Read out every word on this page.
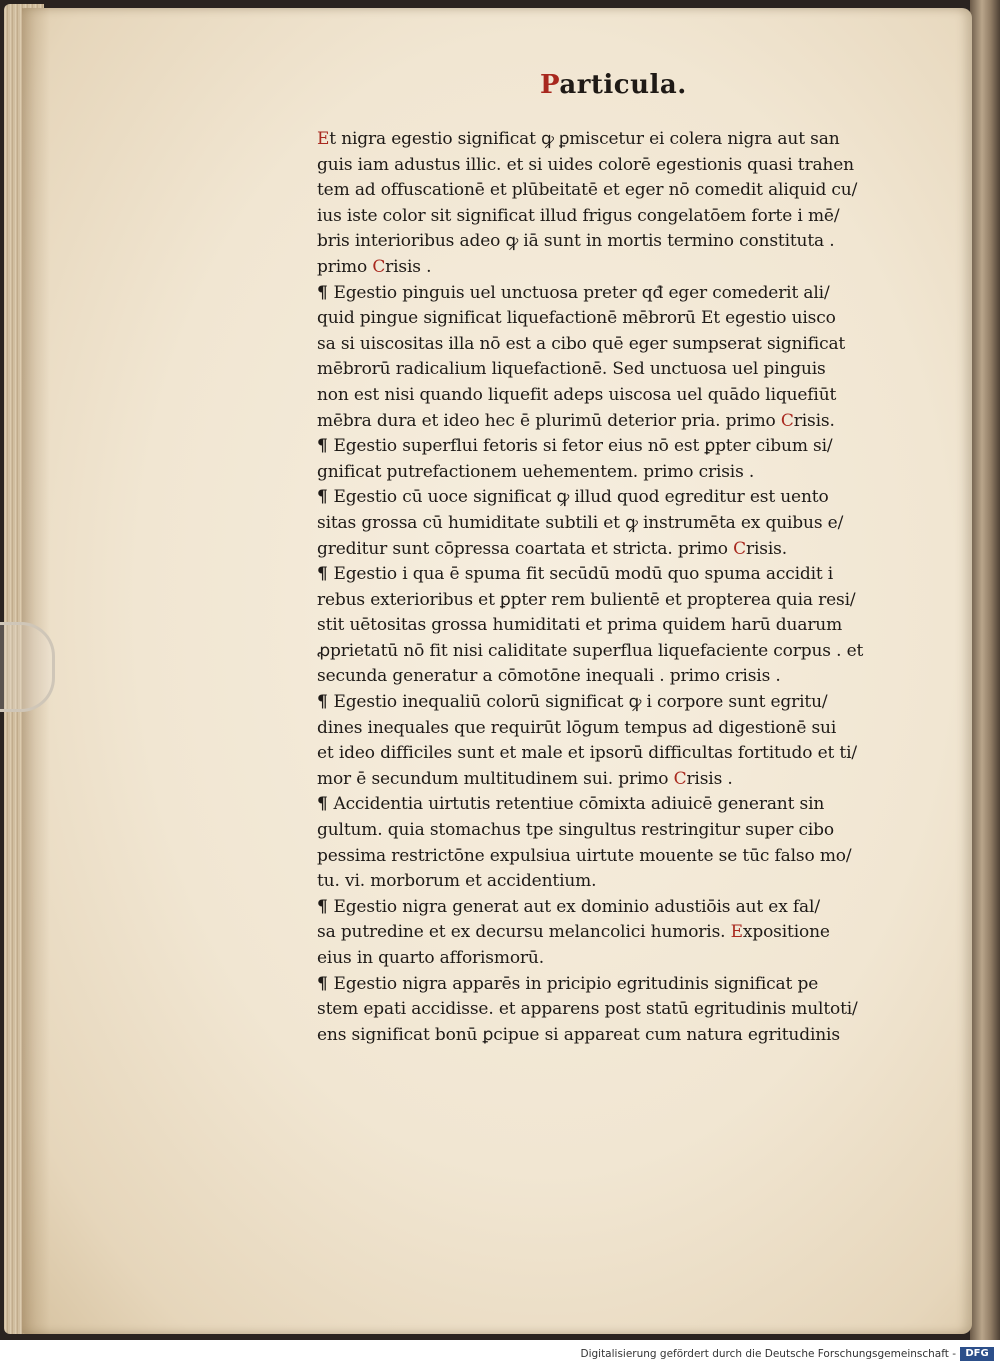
Particula.
Et nigra egestio significat ꝙ ꝑmiscetur ei colera nigra aut san
guis iam adustus illic. et si uides colorē egestionis quasi trahen
tem ad offuscationē et plūbeitatē et eger nō comedit aliquid cu/
ius iste color sit significat illud frigus congelatōem forte i mē/
bris interioribus adeo ꝙ iā sunt in mortis termino constituta .
primo Crisis .
¶ Egestio pinguis uel unctuosa preter qđ eger comederit ali/
quid pingue significat liquefactionē mēbrorū Et egestio uisco
sa si uiscositas illa nō est a cibo quē eger sumpserat significat
mēbrorū radicalium liquefactionē. Sed unctuosa uel pinguis
non est nisi quando liquefit adeps uiscosa uel quādo liquefiūt
mēbra dura et ideo hec ē plurimū deterior pria. primo Crisis.
¶ Egestio superflui fetoris si fetor eius nō est ꝑpter cibum si/
gnificat putrefactionem uehementem. primo crisis .
¶ Egestio cū uoce significat ꝙ illud quod egreditur est uento
sitas grossa cū humiditate subtili et ꝙ instrumēta ex quibus e/
greditur sunt cōpressa coartata et stricta. primo Crisis.
¶ Egestio i qua ē spuma fit secūdū modū quo spuma accidit i
rebus exterioribus et ꝑpter rem bulientē et propterea quia resi/
stit uētositas grossa humiditati et prima quidem harū duarum
ꝓprietatū nō fit nisi caliditate superflua liquefaciente corpus . et
secunda generatur a cōmotōne inequali . primo crisis .
¶ Egestio inequaliū colorū significat ꝙ i corpore sunt egritu/
dines inequales que requirūt lōgum tempus ad digestionē sui
et ideo difficiles sunt et male et ipsorū difficultas fortitudo et ti/
mor ē secundum multitudinem sui. primo Crisis .
¶ Accidentia uirtutis retentiue cōmixta adiuicē generant sin
gultum. quia stomachus tpe singultus restringitur super cibo
pessima restrictōne expulsiua uirtute mouente se tūc falso mo/
tu. vi. morborum et accidentium.
¶ Egestio nigra generat aut ex dominio adustiōis aut ex fal/
sa putredine et ex decursu melancolici humoris. Expositione
eius in quarto afforismorū.
¶ Egestio nigra apparēs in pricipio egritudinis significat pe
stem epati accidisse. et apparens post statū egritudinis multoti/
ens significat bonū ꝑcipue si appareat cum natura egritudinis
Digitalisierung gefördert durch die Deutsche Forschungsgemeinschaft - DFG
